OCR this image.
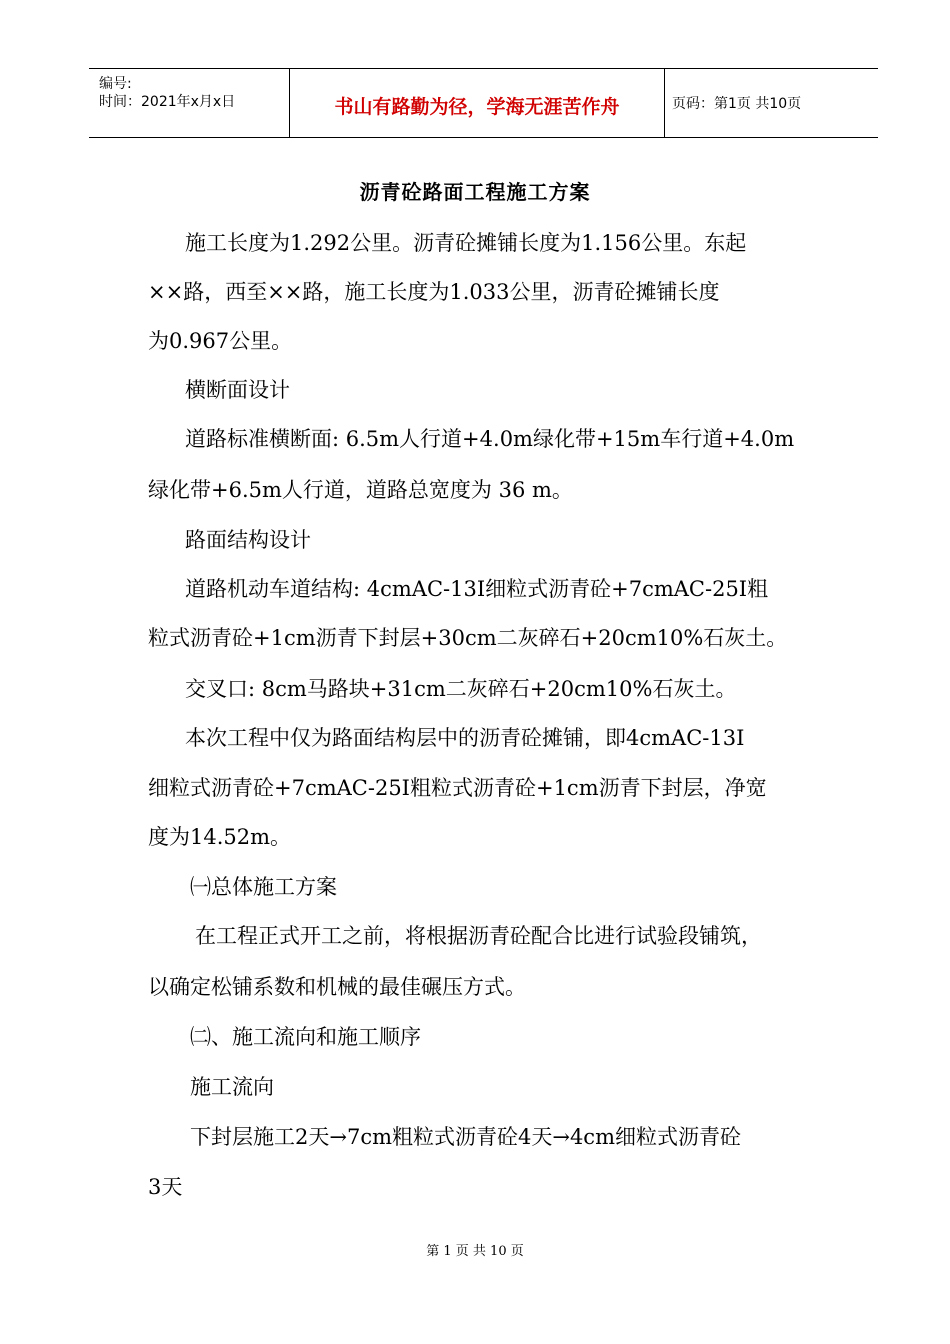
编号:
时间：2021年x月x日	书山有路勤为径，学海无涯苦作舟	页码：第1页 共10页
沥青砼路面工程施工方案
施工长度为1.292公里。沥青砼摊铺长度为1.156公里。东起
××路，西至××路，施工长度为1.033公里，沥青砼摊铺长度
为0.967公里。
横断面设计
道路标准横断面: 6.5m人行道+4.0m绿化带+15m车行道+4.0m
绿化带+6.5m人行道，道路总宽度为 36 m。
路面结构设计
道路机动车道结构: 4cmAC-13I细粒式沥青砼+7cmAC-25I粗
粒式沥青砼+1cm沥青下封层+30cm二灰碎石+20cm10%石灰土。
交叉口: 8cm马路块+31cm二灰碎石+20cm10%石灰土。
本次工程中仅为路面结构层中的沥青砼摊铺，即4cmAC-13I
细粒式沥青砼+7cmAC-25I粗粒式沥青砼+1cm沥青下封层，净宽
度为14.52m。
㈠总体施工方案
在工程正式开工之前，将根据沥青砼配合比进行试验段铺筑，
以确定松铺系数和机械的最佳碾压方式。
㈡、施工流向和施工顺序
施工流向
下封层施工2天→7cm粗粒式沥青砼4天→4cm细粒式沥青砼
3天
第 1 页 共 10 页
